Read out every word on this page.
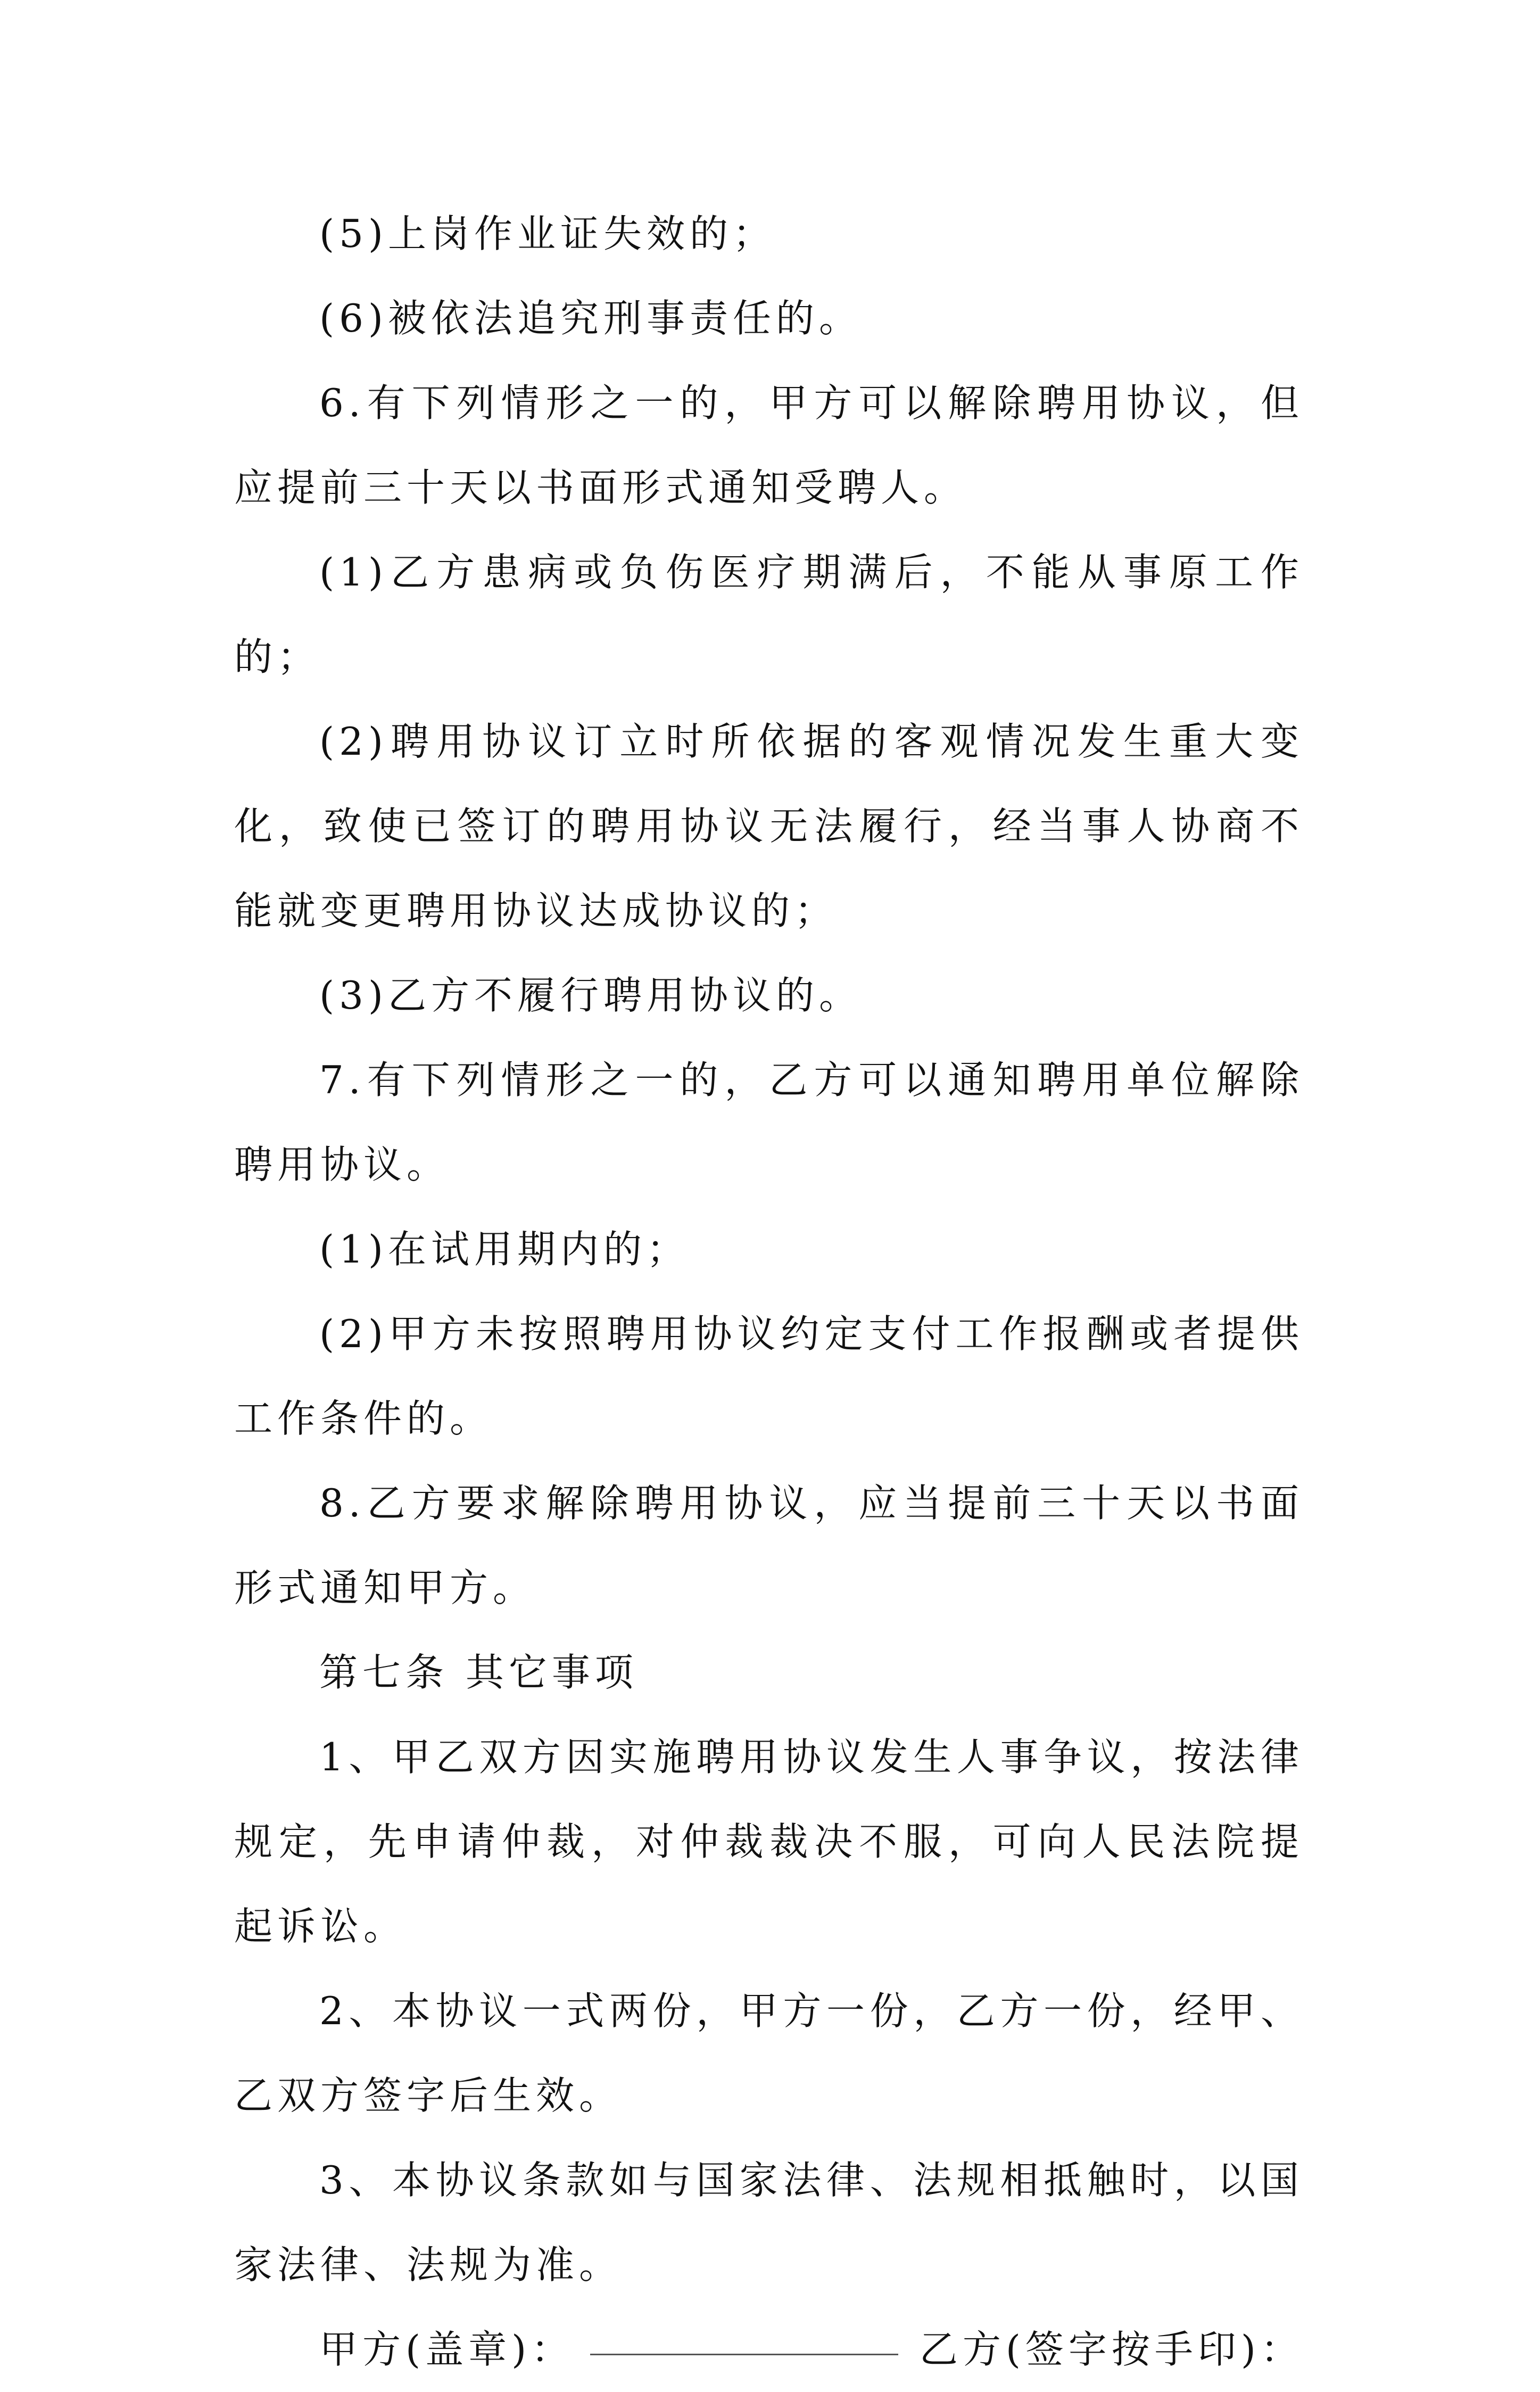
(5)上岗作业证失效的；

(6)被依法追究刑事责任的。

6.有下列情形之一的，甲方可以解除聘用协议，但应提前三十天以书面形式通知受聘人。

(1)乙方患病或负伤医疗期满后，不能从事原工作的；

(2)聘用协议订立时所依据的客观情况发生重大变化，致使已签订的聘用协议无法履行，经当事人协商不能就变更聘用协议达成协议的；

(3)乙方不履行聘用协议的。

7.有下列情形之一的，乙方可以通知聘用单位解除聘用协议。

(1)在试用期内的；

(2)甲方未按照聘用协议约定支付工作报酬或者提供工作条件的。

8.乙方要求解除聘用协议，应当提前三十天以书面形式通知甲方。

第七条 其它事项

1、甲乙双方因实施聘用协议发生人事争议，按法律规定，先申请仲裁，对仲裁裁决不服，可向人民法院提起诉讼。

2、本协议一式两份，甲方一份，乙方一份，经甲、乙双方签字后生效。

3、本协议条款如与国家法律、法规相抵触时，以国家法律、法规为准。

甲方(盖章)：	乙方(签字按手印)：
